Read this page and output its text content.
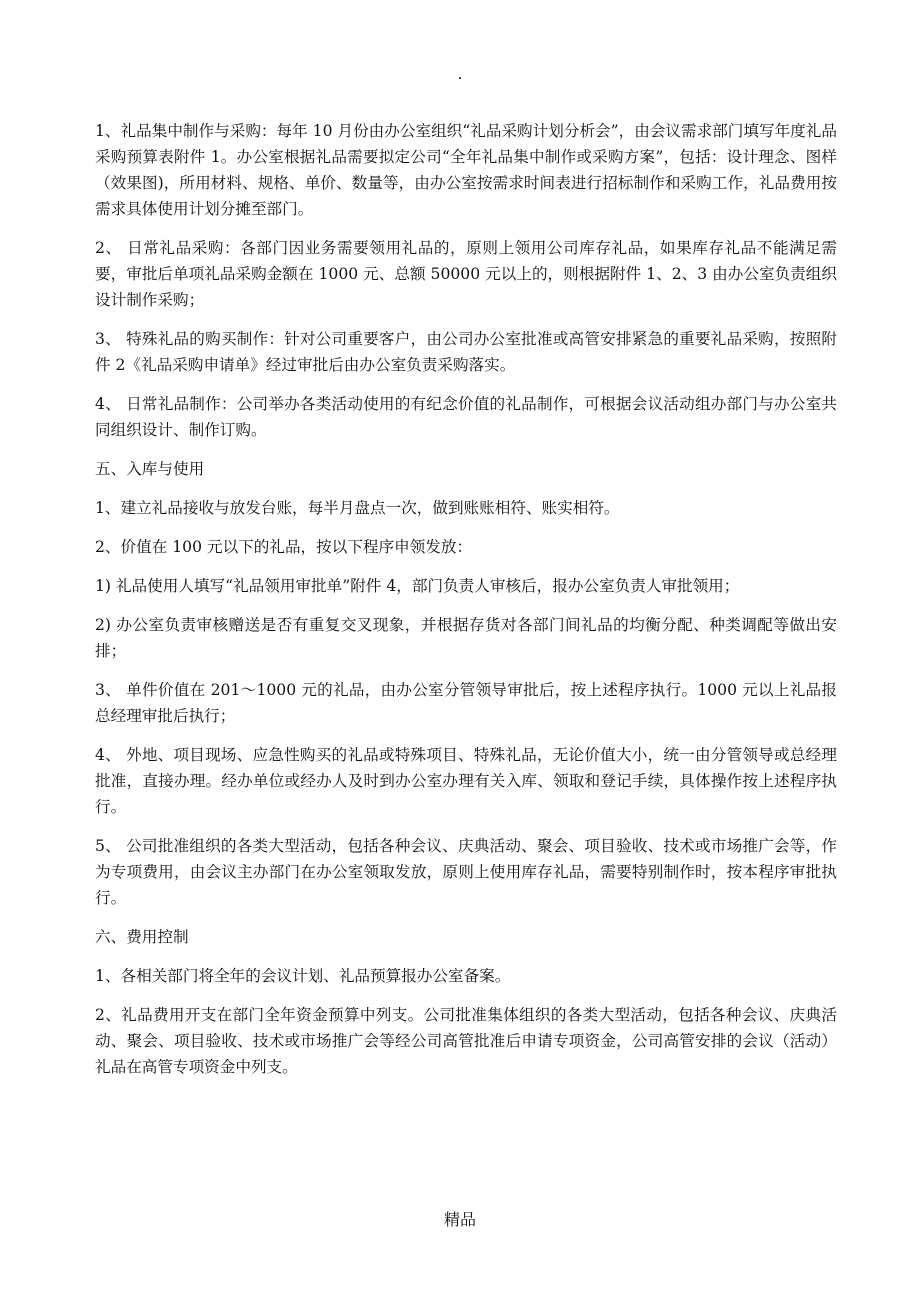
.

1、礼品集中制作与采购：每年 10 月份由办公室组织“礼品采购计划分析会”，由会议需求部门填写年度礼品采购预算表附件 1。办公室根据礼品需要拟定公司“全年礼品集中制作或采购方案”，包括：设计理念、图样（效果图)，所用材料、规格、单价、数量等，由办公室按需求时间表进行招标制作和采购工作，礼品费用按需求具体使用计划分摊至部门。

2、 日常礼品采购：各部门因业务需要领用礼品的，原则上领用公司库存礼品，如果库存礼品不能满足需要，审批后单项礼品采购金额在 1000 元、总额 50000 元以上的，则根据附件 1、2、3 由办公室负责组织设计制作采购；

3、 特殊礼品的购买制作：针对公司重要客户，由公司办公室批准或高管安排紧急的重要礼品采购，按照附件 2《礼品采购申请单》经过审批后由办公室负责采购落实。

4、 日常礼品制作：公司举办各类活动使用的有纪念价值的礼品制作，可根据会议活动组办部门与办公室共同组织设计、制作订购。

五、入库与使用

1、建立礼品接收与放发台账，每半月盘点一次，做到账账相符、账实相符。

2、价值在 100 元以下的礼品，按以下程序申领发放：

1) 礼品使用人填写“礼品领用审批单”附件 4，部门负责人审核后，报办公室负责人审批领用；

2) 办公室负责审核赠送是否有重复交叉现象，并根据存货对各部门间礼品的均衡分配、种类调配等做出安排；

3、 单件价值在 201～1000 元的礼品，由办公室分管领导审批后，按上述程序执行。1000 元以上礼品报总经理审批后执行；

4、 外地、项目现场、应急性购买的礼品或特殊项目、特殊礼品，无论价值大小，统一由分管领导或总经理批准，直接办理。经办单位或经办人及时到办公室办理有关入库、领取和登记手续，具体操作按上述程序执行。

5、 公司批准组织的各类大型活动，包括各种会议、庆典活动、聚会、项目验收、技术或市场推广会等，作为专项费用，由会议主办部门在办公室领取发放，原则上使用库存礼品，需要特别制作时，按本程序审批执行。

六、费用控制

1、各相关部门将全年的会议计划、礼品预算报办公室备案。

2、礼品费用开支在部门全年资金预算中列支。公司批准集体组织的各类大型活动，包括各种会议、庆典活动、聚会、项目验收、技术或市场推广会等经公司高管批准后申请专项资金，公司高管安排的会议（活动）礼品在高管专项资金中列支。

精品
